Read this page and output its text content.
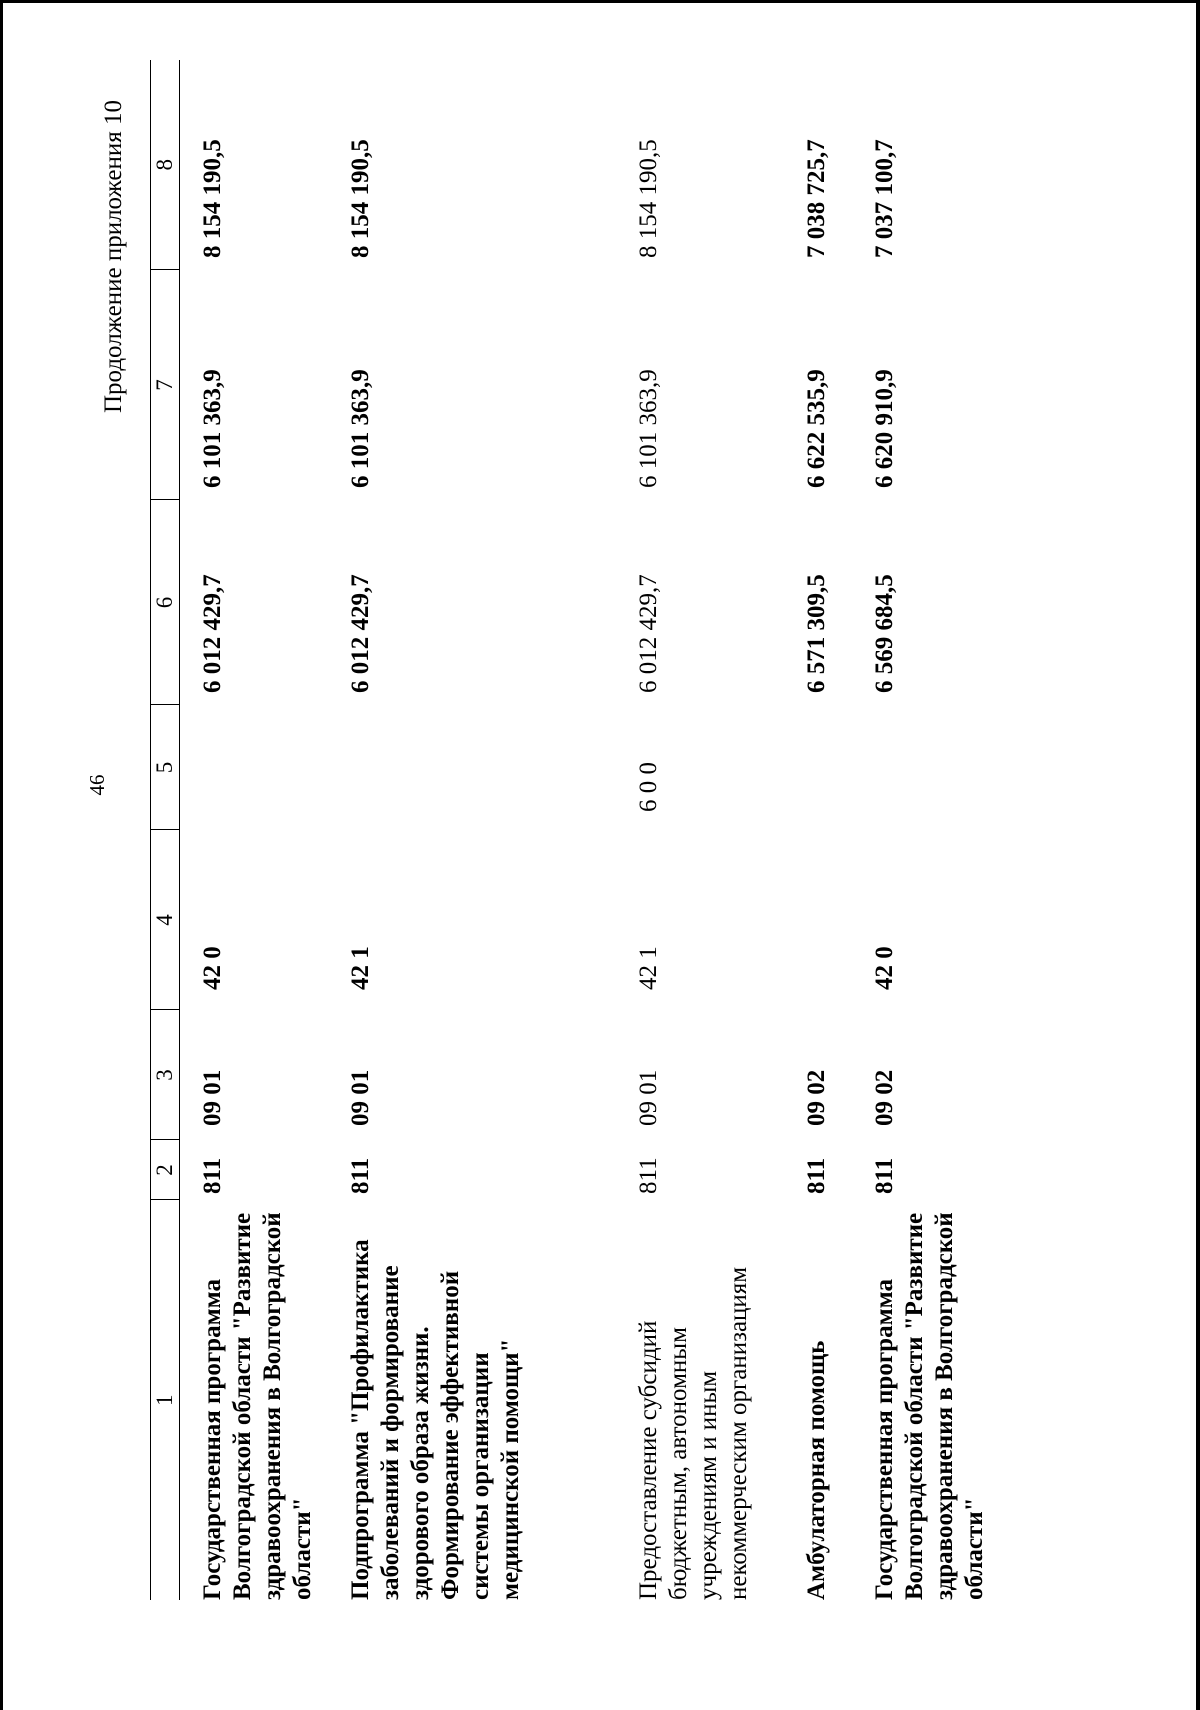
46
Продолжение приложения 10
1	2	3	4	5	6	7	8
Государственная программа Волгоградской области "Развитие здравоохранения в Волгоградской области"	811	09 01	42 0		6 012 429,7	6 101 363,9	8 154 190,5
Подпрограмма "Профилактика заболеваний и формирование здорового образа жизни. Формирование эффективной системы организации медицинской помощи"	811	09 01	42 1		6 012 429,7	6 101 363,9	8 154 190,5
Предоставление субсидий бюджетным, автономным учреждениям и иным некоммерческим организациям	811	09 01	42 1	6 0 0	6 012 429,7	6 101 363,9	8 154 190,5
Амбулаторная помощь	811	09 02			6 571 309,5	6 622 535,9	7 038 725,7
Государственная программа Волгоградской области "Развитие здравоохранения в Волгоградской области"	811	09 02	42 0		6 569 684,5	6 620 910,9	7 037 100,7
